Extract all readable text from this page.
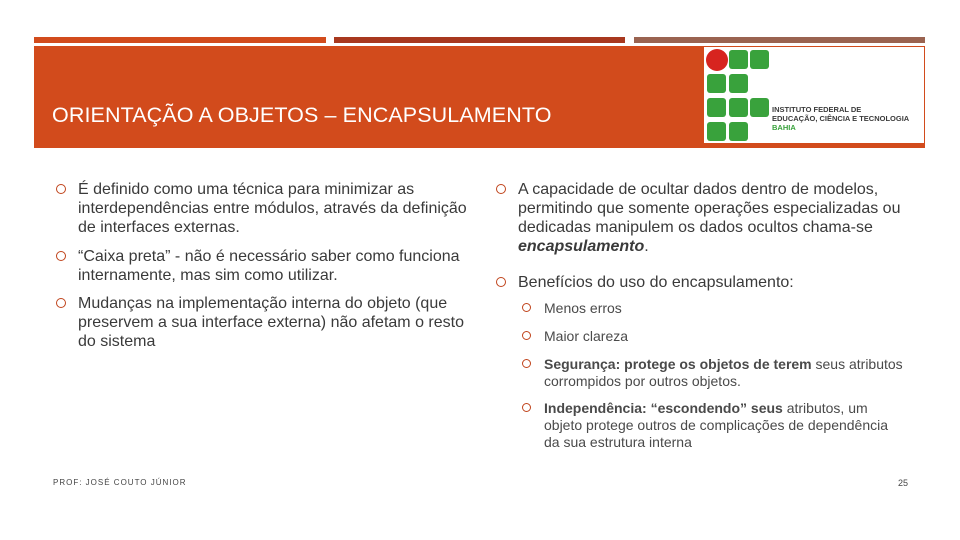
ORIENTAÇÃO A OBJETOS – ENCAPSULAMENTO	INSTITUTO FEDERAL DE
EDUCAÇÃO, CIÊNCIA E TECNOLOGIA
BAHIA
É definido como uma técnica para minimizar as interdependências entre módulos, através da definição de interfaces externas.
“Caixa preta” - não é necessário saber como funciona internamente, mas sim como utilizar.
Mudanças na implementação interna do objeto (que preservem a sua interface externa) não afetam o resto do sistema
A capacidade de ocultar dados dentro de modelos, permitindo que somente operações especializadas ou dedicadas manipulem os dados ocultos chama-se encapsulamento.
Benefícios do uso do encapsulamento:
Menos erros
Maior clareza
Segurança: protege os objetos de terem seus atributos corrompidos por outros objetos.
Independência: “escondendo” seus atributos, um objeto protege outros de complicações de dependência da sua estrutura interna
PROF: JOSÉ COUTO JÚNIOR	25
